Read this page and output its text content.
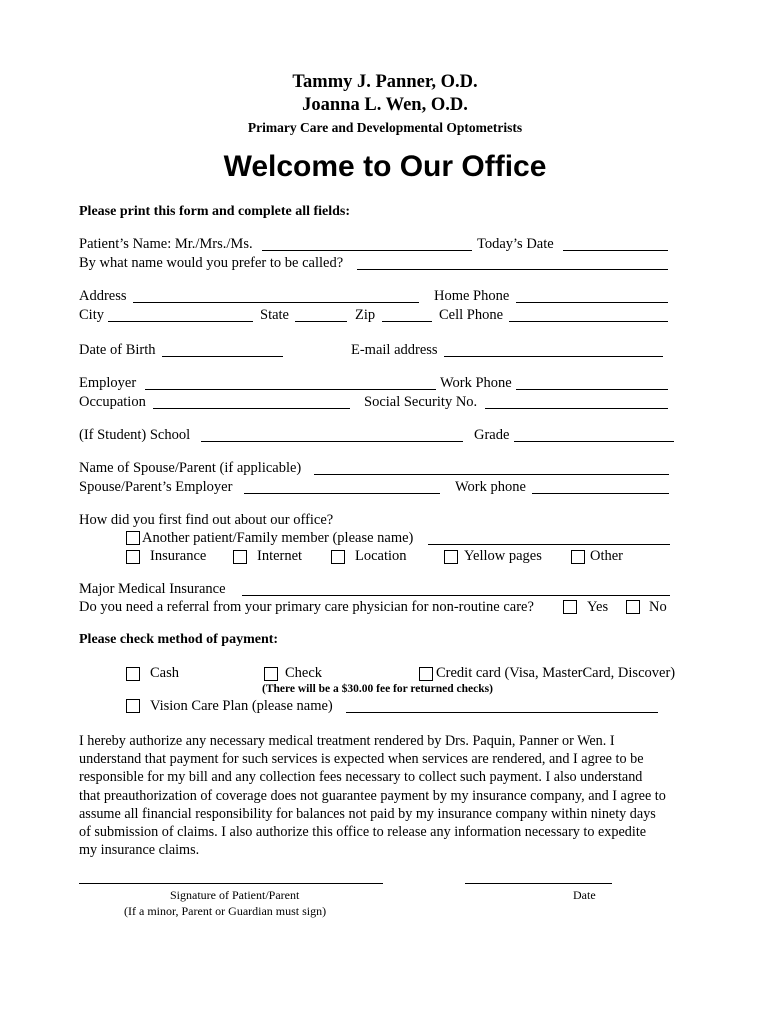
Tammy J. Panner, O.D.
Joanna L. Wen, O.D.
Primary Care and Developmental Optometrists
Welcome to Our Office
Please print this form and complete all fields:
Patient’s Name: Mr./Mrs./Ms.	Today’s Date
By what name would you prefer to be called?
Address	Home Phone
City	State	Zip	Cell Phone
Date of Birth	E-mail address
Employer	Work Phone
Occupation	Social Security No.
(If Student) School	Grade
Name of Spouse/Parent (if applicable)
Spouse/Parent’s Employer	Work phone
How did you first find out about our office?
Another patient/Family member (please name)
Insurance	Internet	Location	Yellow pages	Other
Major Medical Insurance
Do you need a referral from your primary care physician for non-routine care?	Yes	No
Please check method of payment:
Cash	Check	Credit card (Visa, MasterCard, Discover)
(There will be a $30.00 fee for returned checks)
Vision Care Plan (please name)
I hereby authorize any necessary medical treatment rendered by Drs. Paquin, Panner or Wen. I
understand that payment for such services is expected when services are rendered, and I agree to be
responsible for my bill and any collection fees necessary to collect such payment. I also understand
that preauthorization of coverage does not guarantee payment by my insurance company, and I agree to
assume all financial responsibility for balances not paid by my insurance company within ninety days
of submission of claims. I also authorize this office to release any information necessary to expedite
my insurance claims.
Signature of Patient/Parent	Date
(If a minor, Parent or Guardian must sign)
